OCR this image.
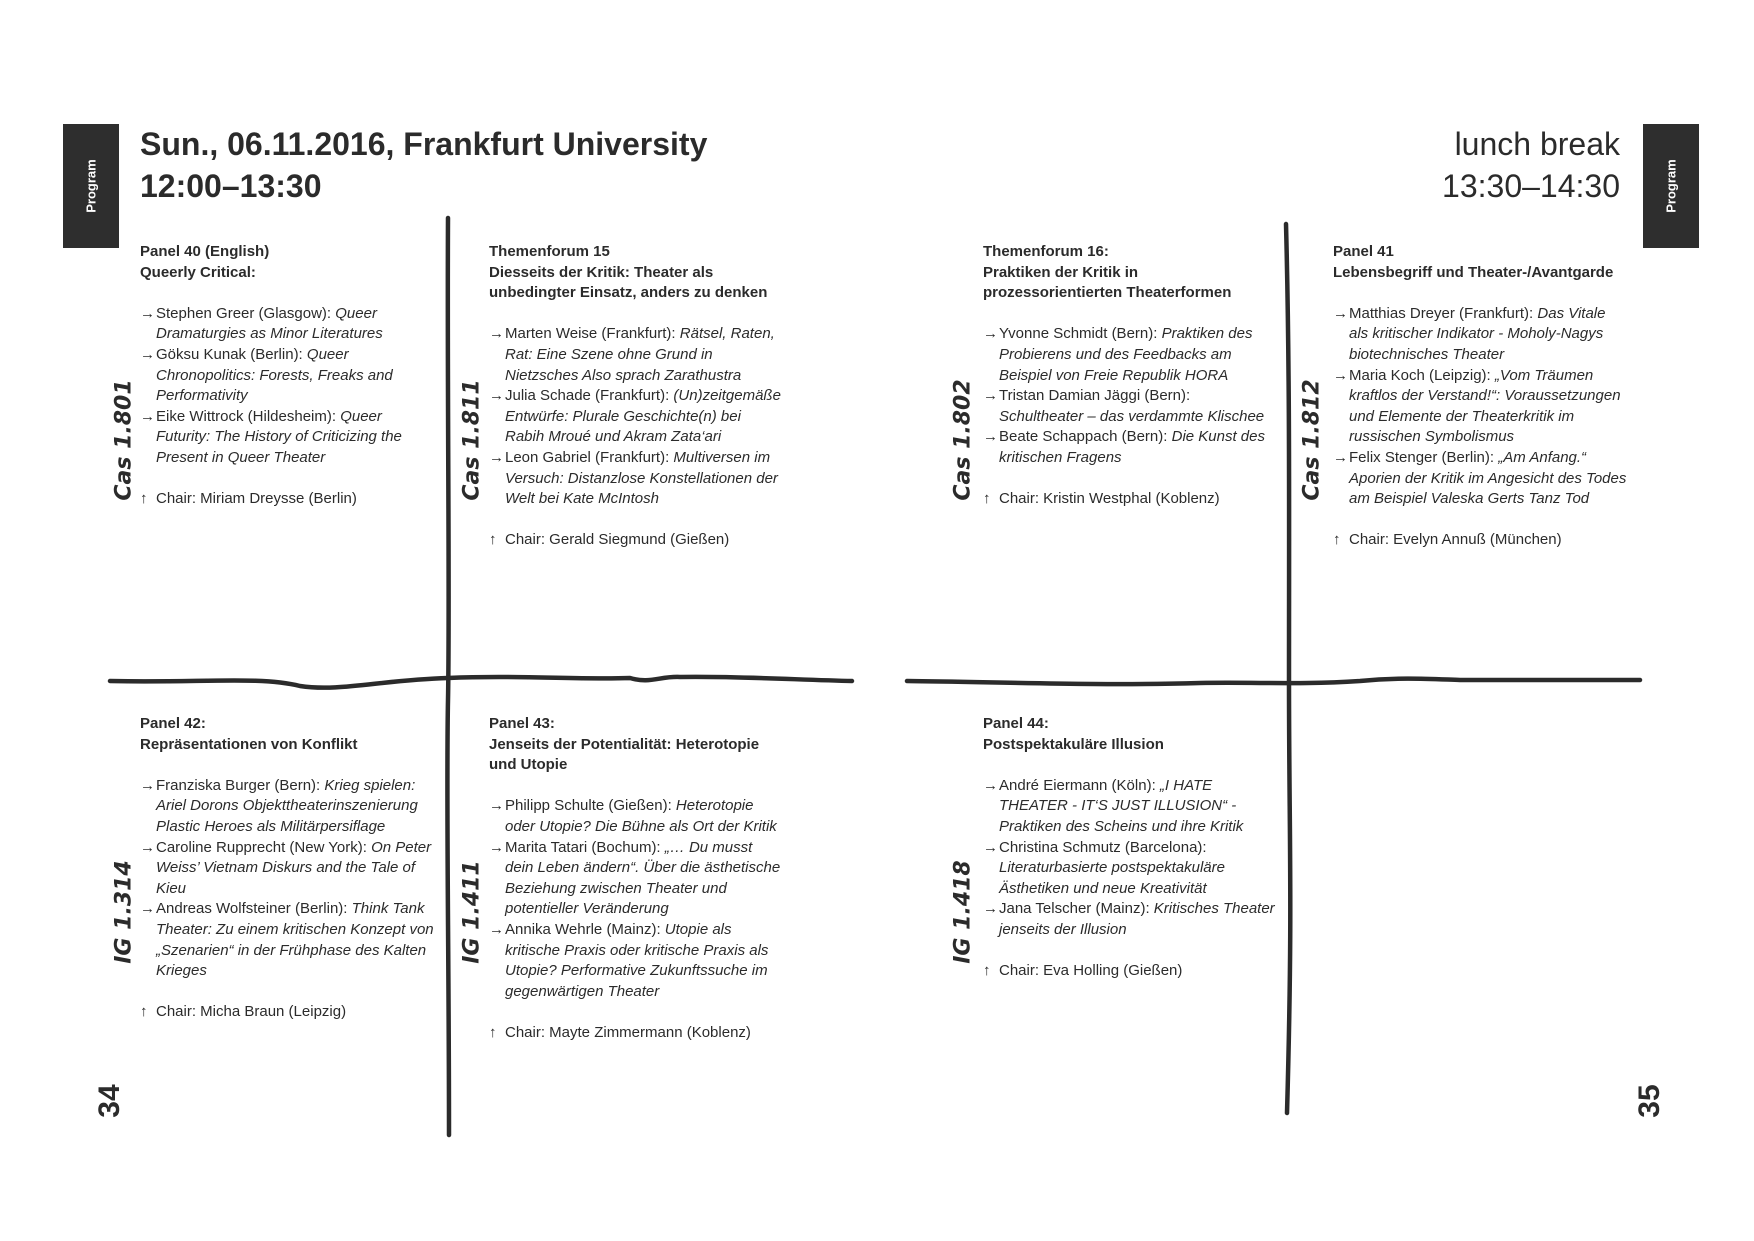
Program	Program
Sun., 06.11.2016, Frankfurt University
12:00–13:30
lunch break
13:30–14:30
Cas 1.801	Cas 1.811	Cas 1.802	Cas 1.812
IG 1.314	IG 1.411	IG 1.418
34	35
Panel 40 (English)
Queerly Critical:
→ Stephen Greer (Glasgow): Queer Dramaturgies as Minor Literatures
→ Göksu Kunak (Berlin): Queer Chronopolitics: Forests, Freaks and Performativity
→ Eike Wittrock (Hildesheim): Queer Futurity: The History of Criticizing the Present in Queer Theater
↑ Chair: Miriam Dreysse (Berlin)
Themenforum 15
Diesseits der Kritik: Theater als unbedingter Einsatz, anders zu denken
→ Marten Weise (Frankfurt): Rätsel, Raten, Rat: Eine Szene ohne Grund in Nietzsches Also sprach Zarathustra
→ Julia Schade (Frankfurt): (Un)zeitgemäße Entwürfe: Plurale Geschichte(n) bei Rabih Mroué und Akram Zata‘ari
→ Leon Gabriel (Frankfurt): Multiversen im Versuch: Distanzlose Konstellationen der Welt bei Kate McIntosh
↑ Chair: Gerald Siegmund (Gießen)
Themenforum 16:
Praktiken der Kritik in prozessorientierten Theaterformen
→ Yvonne Schmidt (Bern): Praktiken des Probierens und des Feedbacks am Beispiel von Freie Republik HORA
→ Tristan Damian Jäggi (Bern): Schultheater – das verdammte Klischee
→ Beate Schappach (Bern): Die Kunst des kritischen Fragens
↑ Chair: Kristin Westphal (Koblenz)
Panel 41
Lebensbegriff und Theater-/Avantgarde
→ Matthias Dreyer (Frankfurt): Das Vitale als kritischer Indikator - Moholy-Nagys biotechnisches Theater
→ Maria Koch (Leipzig): „Vom Träumen kraftlos der Verstand!“: Voraussetzungen und Elemente der Theaterkritik im russischen Symbolismus
→ Felix Stenger (Berlin): „Am Anfang.“ Aporien der Kritik im Angesicht des Todes am Beispiel Valeska Gerts Tanz Tod
↑ Chair: Evelyn Annuß (München)
Panel 42:
Repräsentationen von Konflikt
→ Franziska Burger (Bern): Krieg spielen: Ariel Dorons Objekttheaterinszenierung Plastic Heroes als Militärpersiflage
→ Caroline Rupprecht (New York): On Peter Weiss’ Vietnam Diskurs and the Tale of Kieu
→ Andreas Wolfsteiner (Berlin): Think Tank Theater: Zu einem kritischen Konzept von „Szenarien“ in der Frühphase des Kalten Krieges
↑ Chair: Micha Braun (Leipzig)
Panel 43:
Jenseits der Potentialität: Heterotopie und Utopie
→ Philipp Schulte (Gießen): Heterotopie oder Utopie? Die Bühne als Ort der Kritik
→ Marita Tatari (Bochum): „… Du musst dein Leben ändern“. Über die ästhetische Beziehung zwischen Theater und potentieller Veränderung
→ Annika Wehrle (Mainz): Utopie als kritische Praxis oder kritische Praxis als Utopie? Performative Zukunftssuche im gegenwärtigen Theater
↑ Chair: Mayte Zimmermann (Koblenz)
Panel 44:
Postspektakuläre Illusion
→ André Eiermann (Köln): „I HATE THEATER - IT‘S JUST ILLUSION“ - Praktiken des Scheins und ihre Kritik
→ Christina Schmutz (Barcelona): Literaturbasierte postspektakuläre Ästhetiken und neue Kreativität
→ Jana Telscher (Mainz): Kritisches Theater jenseits der Illusion
↑ Chair: Eva Holling (Gießen)
